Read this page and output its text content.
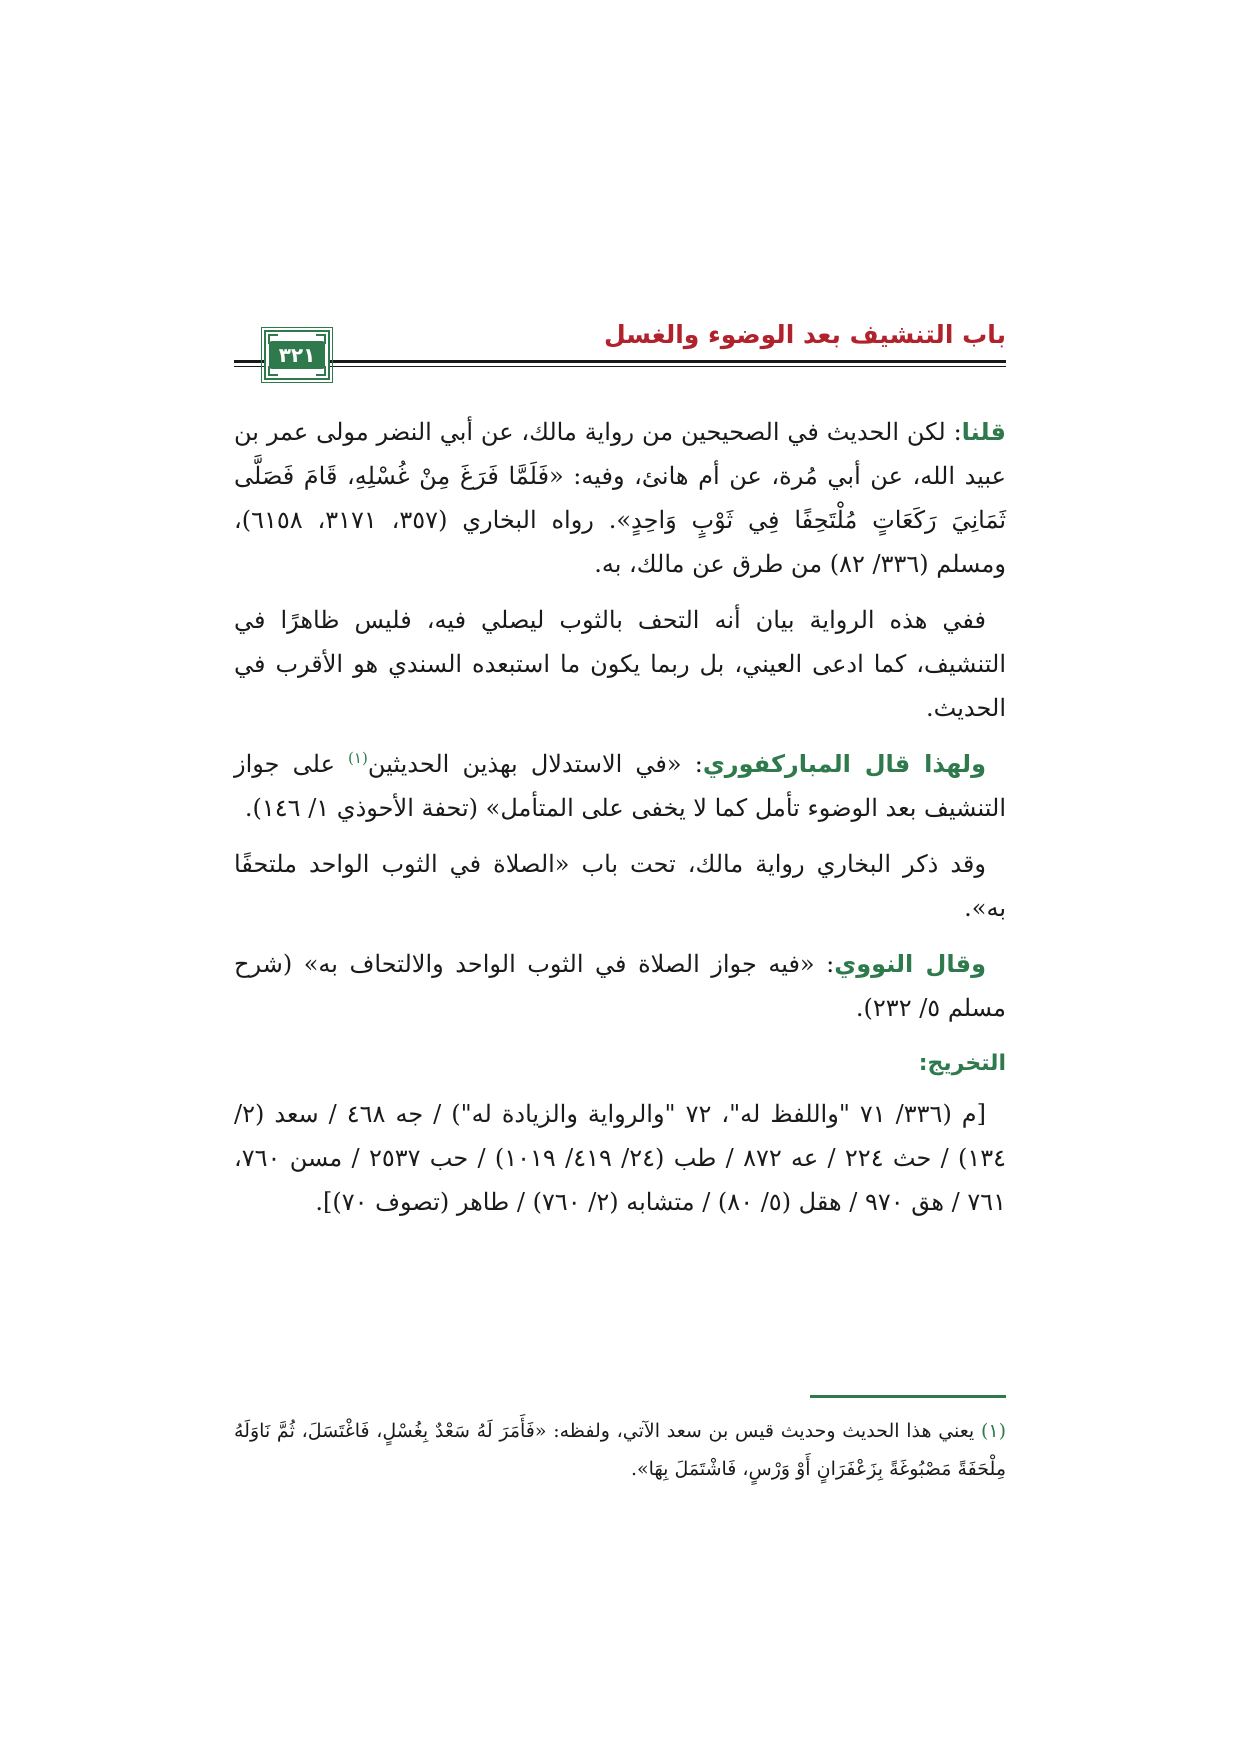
باب التنشيف بعد الوضوء والغسل
٣٢١

قلنا: لكن الحديث في الصحيحين من رواية مالك، عن أبي النضر مولى عمر بن عبيد الله، عن أبي مُرة، عن أم هانئ، وفيه: «فَلَمَّا فَرَغَ مِنْ غُسْلِهِ، قَامَ فَصَلَّى ثَمَانِيَ رَكَعَاتٍ مُلْتَحِفًا فِي ثَوْبٍ وَاحِدٍ». رواه البخاري (٣٥٧، ٣١٧١، ٦١٥٨)، ومسلم (٣٣٦/ ٨٢) من طرق عن مالك، به.

ففي هذه الرواية بيان أنه التحف بالثوب ليصلي فيه، فليس ظاهرًا في التنشيف، كما ادعى العيني، بل ربما يكون ما استبعده السندي هو الأقرب في الحديث.

ولهذا قال المباركفوري: «في الاستدلال بهذين الحديثين$^{(١)}$ على جواز التنشيف بعد الوضوء تأمل كما لا يخفى على المتأمل» (تحفة الأحوذي ١/ ١٤٦).

وقد ذكر البخاري رواية مالك، تحت باب «الصلاة في الثوب الواحد ملتحفًا به».

وقال النووي: «فيه جواز الصلاة في الثوب الواحد والالتحاف به» (شرح مسلم ٥/ ٢٣٢).

التخريج:

[م (٣٣٦/ ٧١ "واللفظ له"، ٧٢ "والرواية والزيادة له") / جه ٤٦٨ / سعد (٢/ ١٣٤) / حث ٢٢٤ / عه ٨٧٢ / طب (٢٤/ ٤١٩/ ١٠١٩) / حب ٢٥٣٧ / مسن ٧٦٠، ٧٦١ / هق ٩٧٠ / هقل (٥/ ٨٠) / متشابه (٢/ ٧٦٠) / طاهر (تصوف ٧٠)].

(١) يعني هذا الحديث وحديث قيس بن سعد الآتي، ولفظه: «فَأَمَرَ لَهُ سَعْدٌ بِغُسْلٍ، فَاغْتَسَلَ، ثُمَّ نَاوَلَهُ مِلْحَفَةً مَصْبُوغَةً بِزَعْفَرَانٍ أَوْ وَرْسٍ، فَاشْتَمَلَ بِهَا».
